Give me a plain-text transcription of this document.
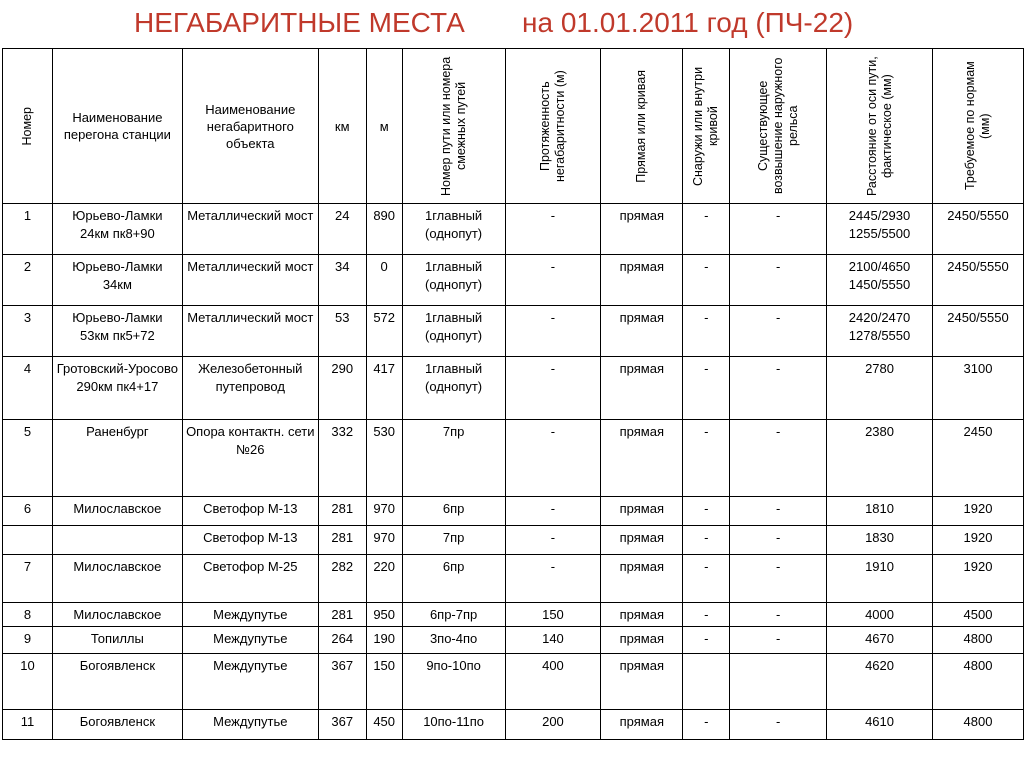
НЕГАБАРИТНЫЕ МЕСТА на 01.01.2011 год (ПЧ-22)
Номер	Наименование перегона станции	Наименование негабаритного объекта	км	м	Номер пути или номера смежных путей	Протяженность негабаритности (м)	Прямая или кривая	Снаружи или внутри кривой	Существующее возвышение наружного рельса	Расстояние от оси пути, фактическое (мм)	Требуемое по нормам (мм)

1	Юрьево-Ламки 24км пк8+90	Металлический мост	24	890	1главный (однопут)	-	прямая	-	-	2445/2930 1255/5500	2450/5550

2	Юрьево-Ламки 34км	Металлический мост	34	0	1главный (однопут)	-	прямая	-	-	2100/4650 1450/5550	2450/5550

3	Юрьево-Ламки 53км пк5+72	Металлический мост	53	572	1главный (однопут)	-	прямая	-	-	2420/2470 1278/5550	2450/5550

4	Гротовский-Уросово 290км пк4+17	Железобетонный путепровод	290	417	1главный (однопут)	-	прямая	-	-	2780	3100

5	Раненбург	Опора контактн. сети №26	332	530	7пр	-	прямая	-	-	2380	2450

6	Милославское	Светофор М-13	281	970	6пр	-	прямая	-	-	1810	1920

		Светофор М-13	281	970	7пр	-	прямая	-	-	1830	1920

7	Милославское	Светофор М-25	282	220	6пр	-	прямая	-	-	1910	1920

8	Милославское	Междупутье	281	950	6пр-7пр	150	прямая	-	-	4000	4500

9	Топиллы	Междупутье	264	190	3по-4по	140	прямая	-	-	4670	4800

10	Богоявленск	Междупутье	367	150	9по-10по	400	прямая			4620	4800

11	Богоявленск	Междупутье	367	450	10по-11по	200	прямая	-	-	4610	4800
